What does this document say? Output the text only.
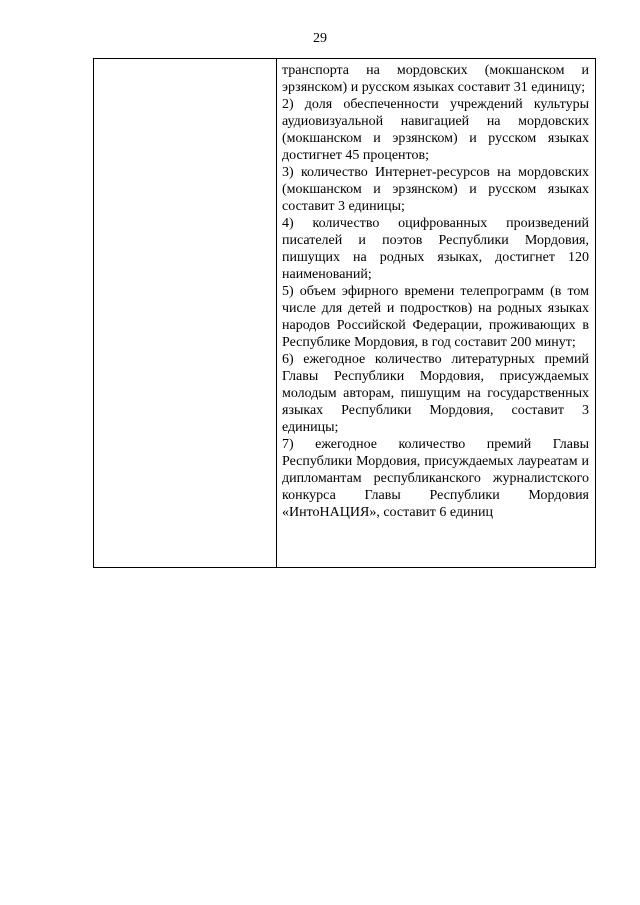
29

транспорта на мордовских (мокшанском и эрзянском) и русском языках составит 31 единицу;

2) доля обеспеченности учреждений культуры аудиовизуальной навигацией на мордовских (мокшанском и эрзянском) и русском языках достигнет 45 процентов;

3) количество Интернет-ресурсов на мордовских (мокшанском и эрзянском) и русском языках составит 3 единицы;

4) количество оцифрованных произведений писателей и поэтов Республики Мордовия, пишущих на родных языках, достигнет 120 наименований;

5) объем эфирного времени телепрограмм (в том числе для детей и подростков) на родных языках народов Российской Федерации, проживающих в Республике Мордовия, в год составит 200 минут;

6) ежегодное количество литературных премий Главы Республики Мордовия, присуждаемых молодым авторам, пишущим на государственных языках Республики Мордовия, составит 3 единицы;

7) ежегодное количество премий Главы Республики Мордовия, присуждаемых лауреатам и дипломантам республиканского журналистского конкурса Главы Республики Мордовия «ИнтоНАЦИЯ», составит 6 единиц
